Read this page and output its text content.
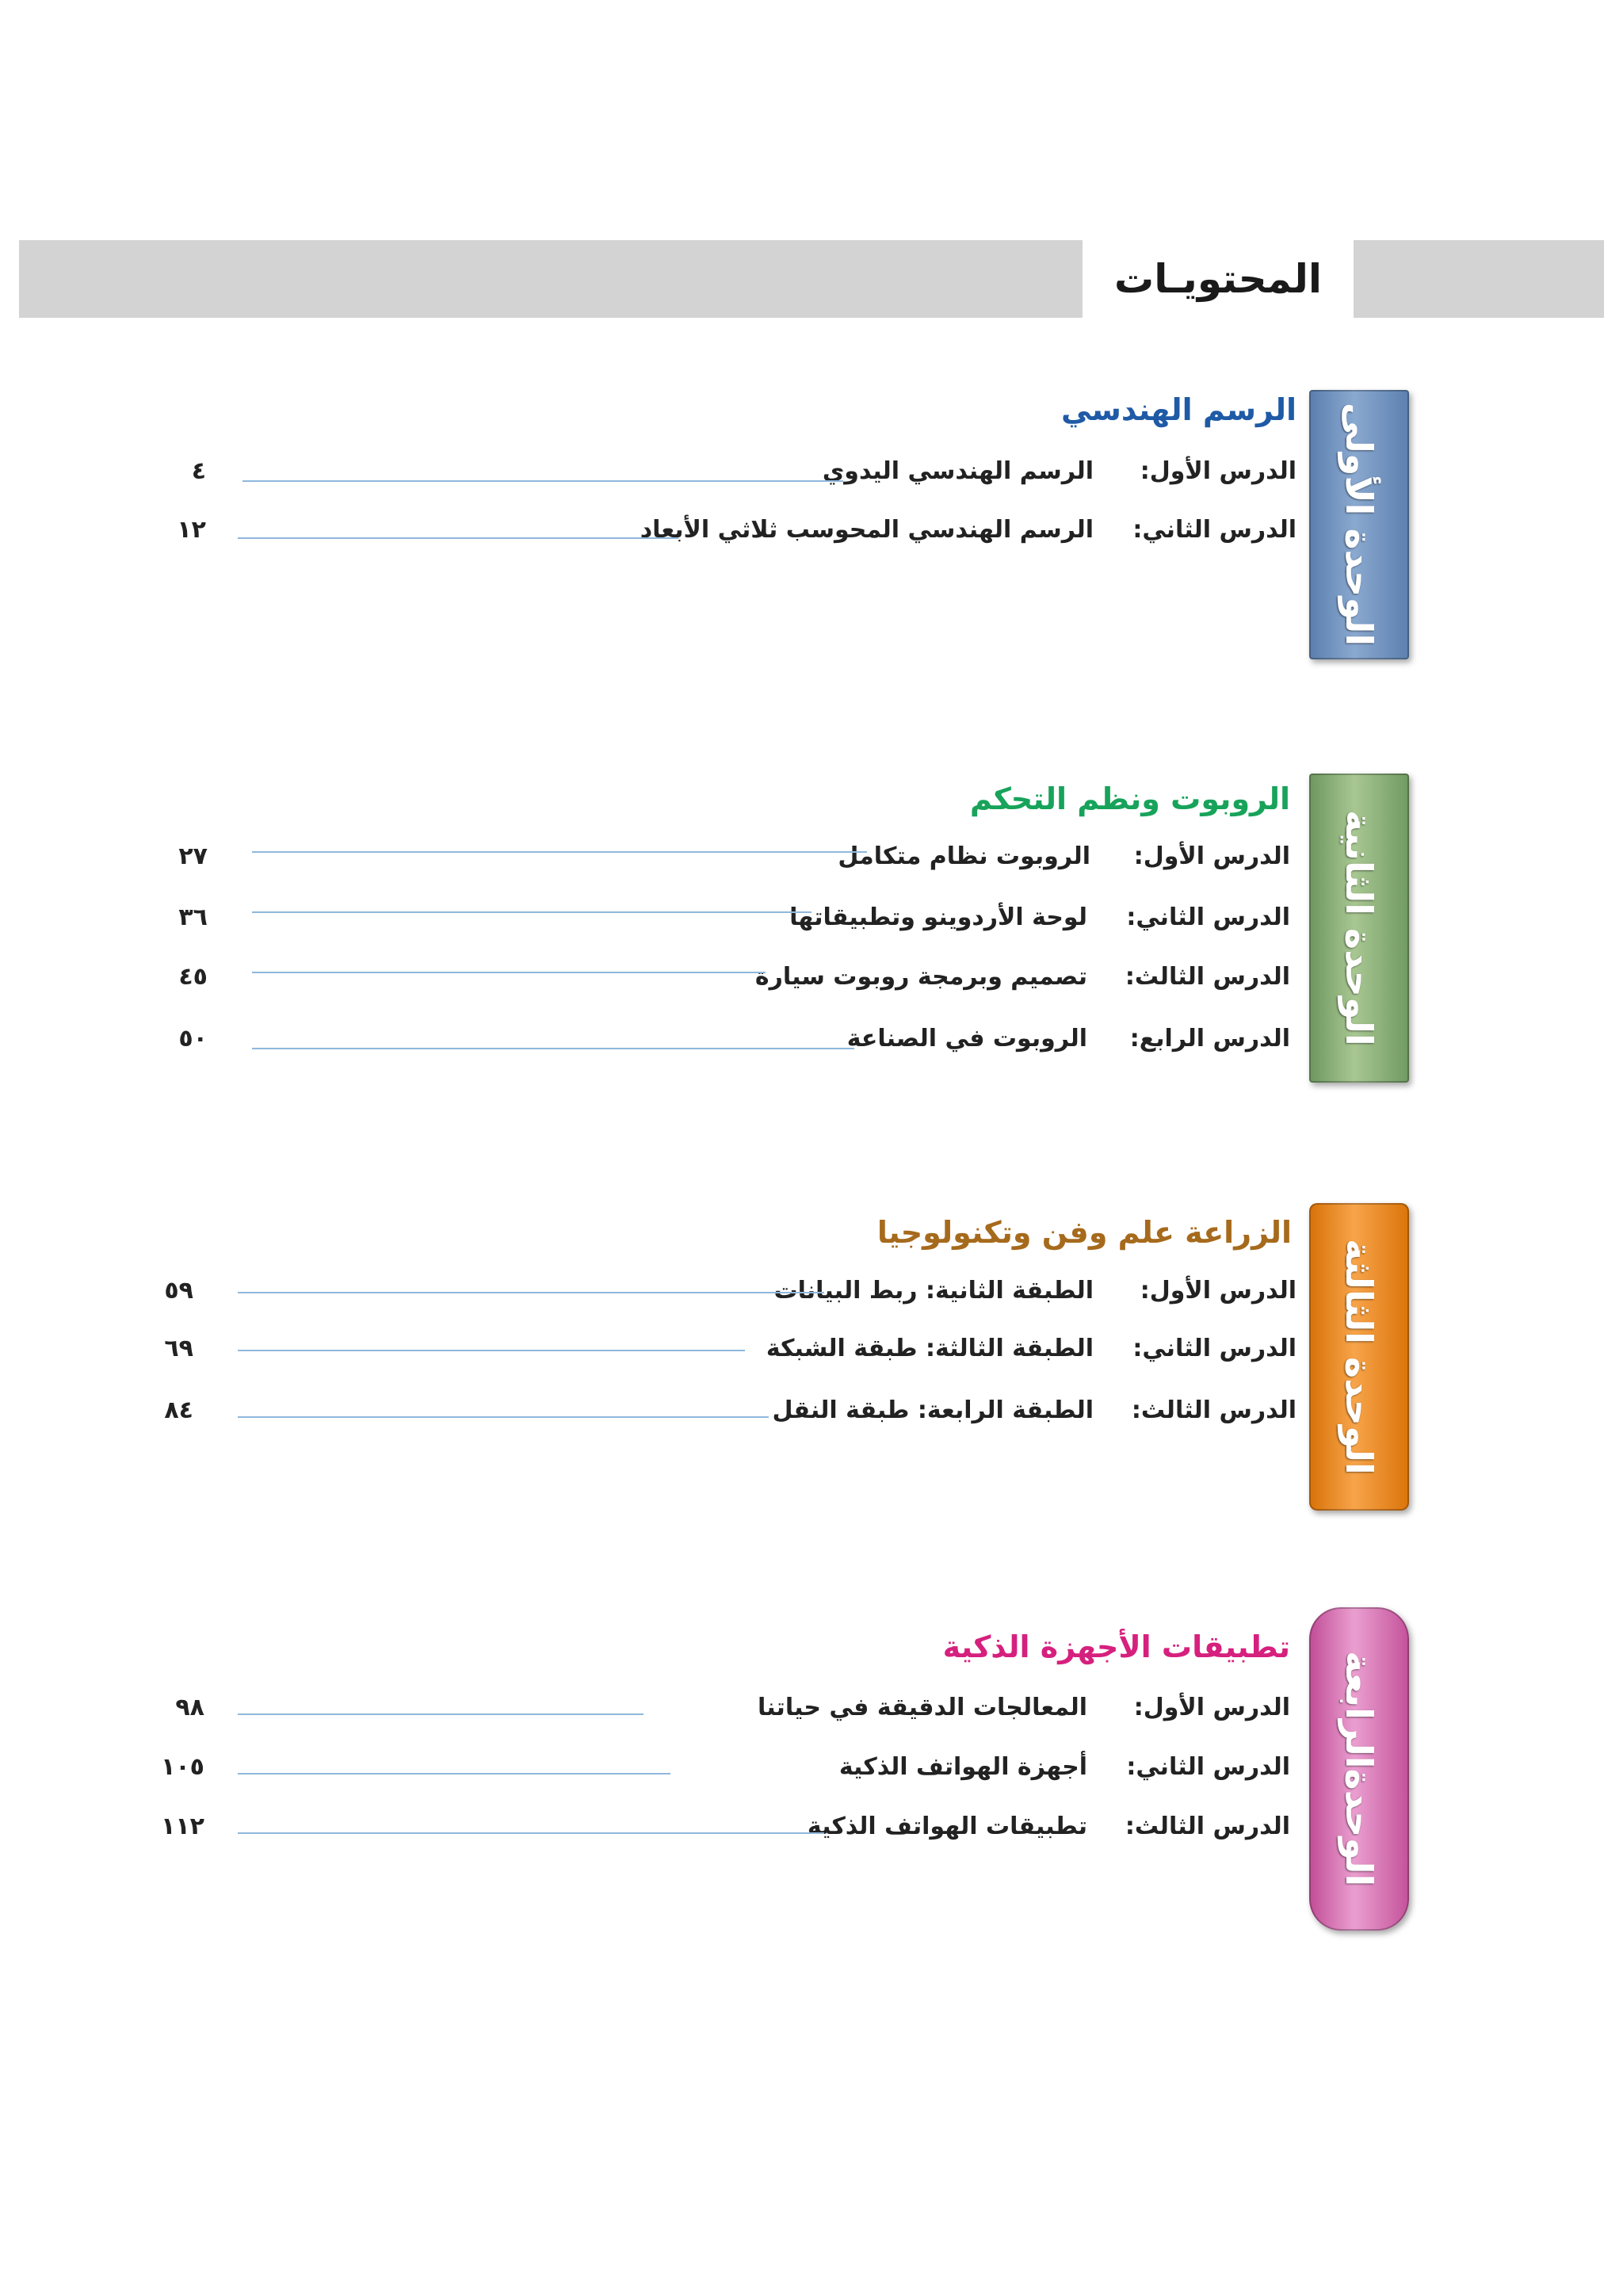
المحتويـات
الوحدة الأولى
الرسم الهندسي
الدرس الأول:
الرسم الهندسي اليدوي
٤
الدرس الثاني:
الرسم الهندسي المحوسب ثلاثي الأبعاد
١٢
الوحدة الثانية
الروبوت ونظم التحكم
الدرس الأول:
الروبوت نظام متكامل
٢٧
الدرس الثاني:
لوحة الأردوينو وتطبيقاتها
٣٦
الدرس الثالث:
تصميم وبرمجة روبوت سيارة
٤٥
الدرس الرابع:
الروبوت في الصناعة
٥٠
الوحدة الثالثة
الزراعة علم وفن وتكنولوجيا
الدرس الأول:
الطبقة الثانية: ربط البيانات
٥٩
الدرس الثاني:
الطبقة الثالثة: طبقة الشبكة
٦٩
الدرس الثالث:
الطبقة الرابعة: طبقة النقل
٨٤
الوحدةالرابعة
تطبيقات الأجهزة الذكية
الدرس الأول:
المعالجات الدقيقة في حياتنا
٩٨
الدرس الثاني:
أجهزة الهواتف الذكية
١٠٥
الدرس الثالث:
تطبيقات الهواتف الذكية
١١٢
